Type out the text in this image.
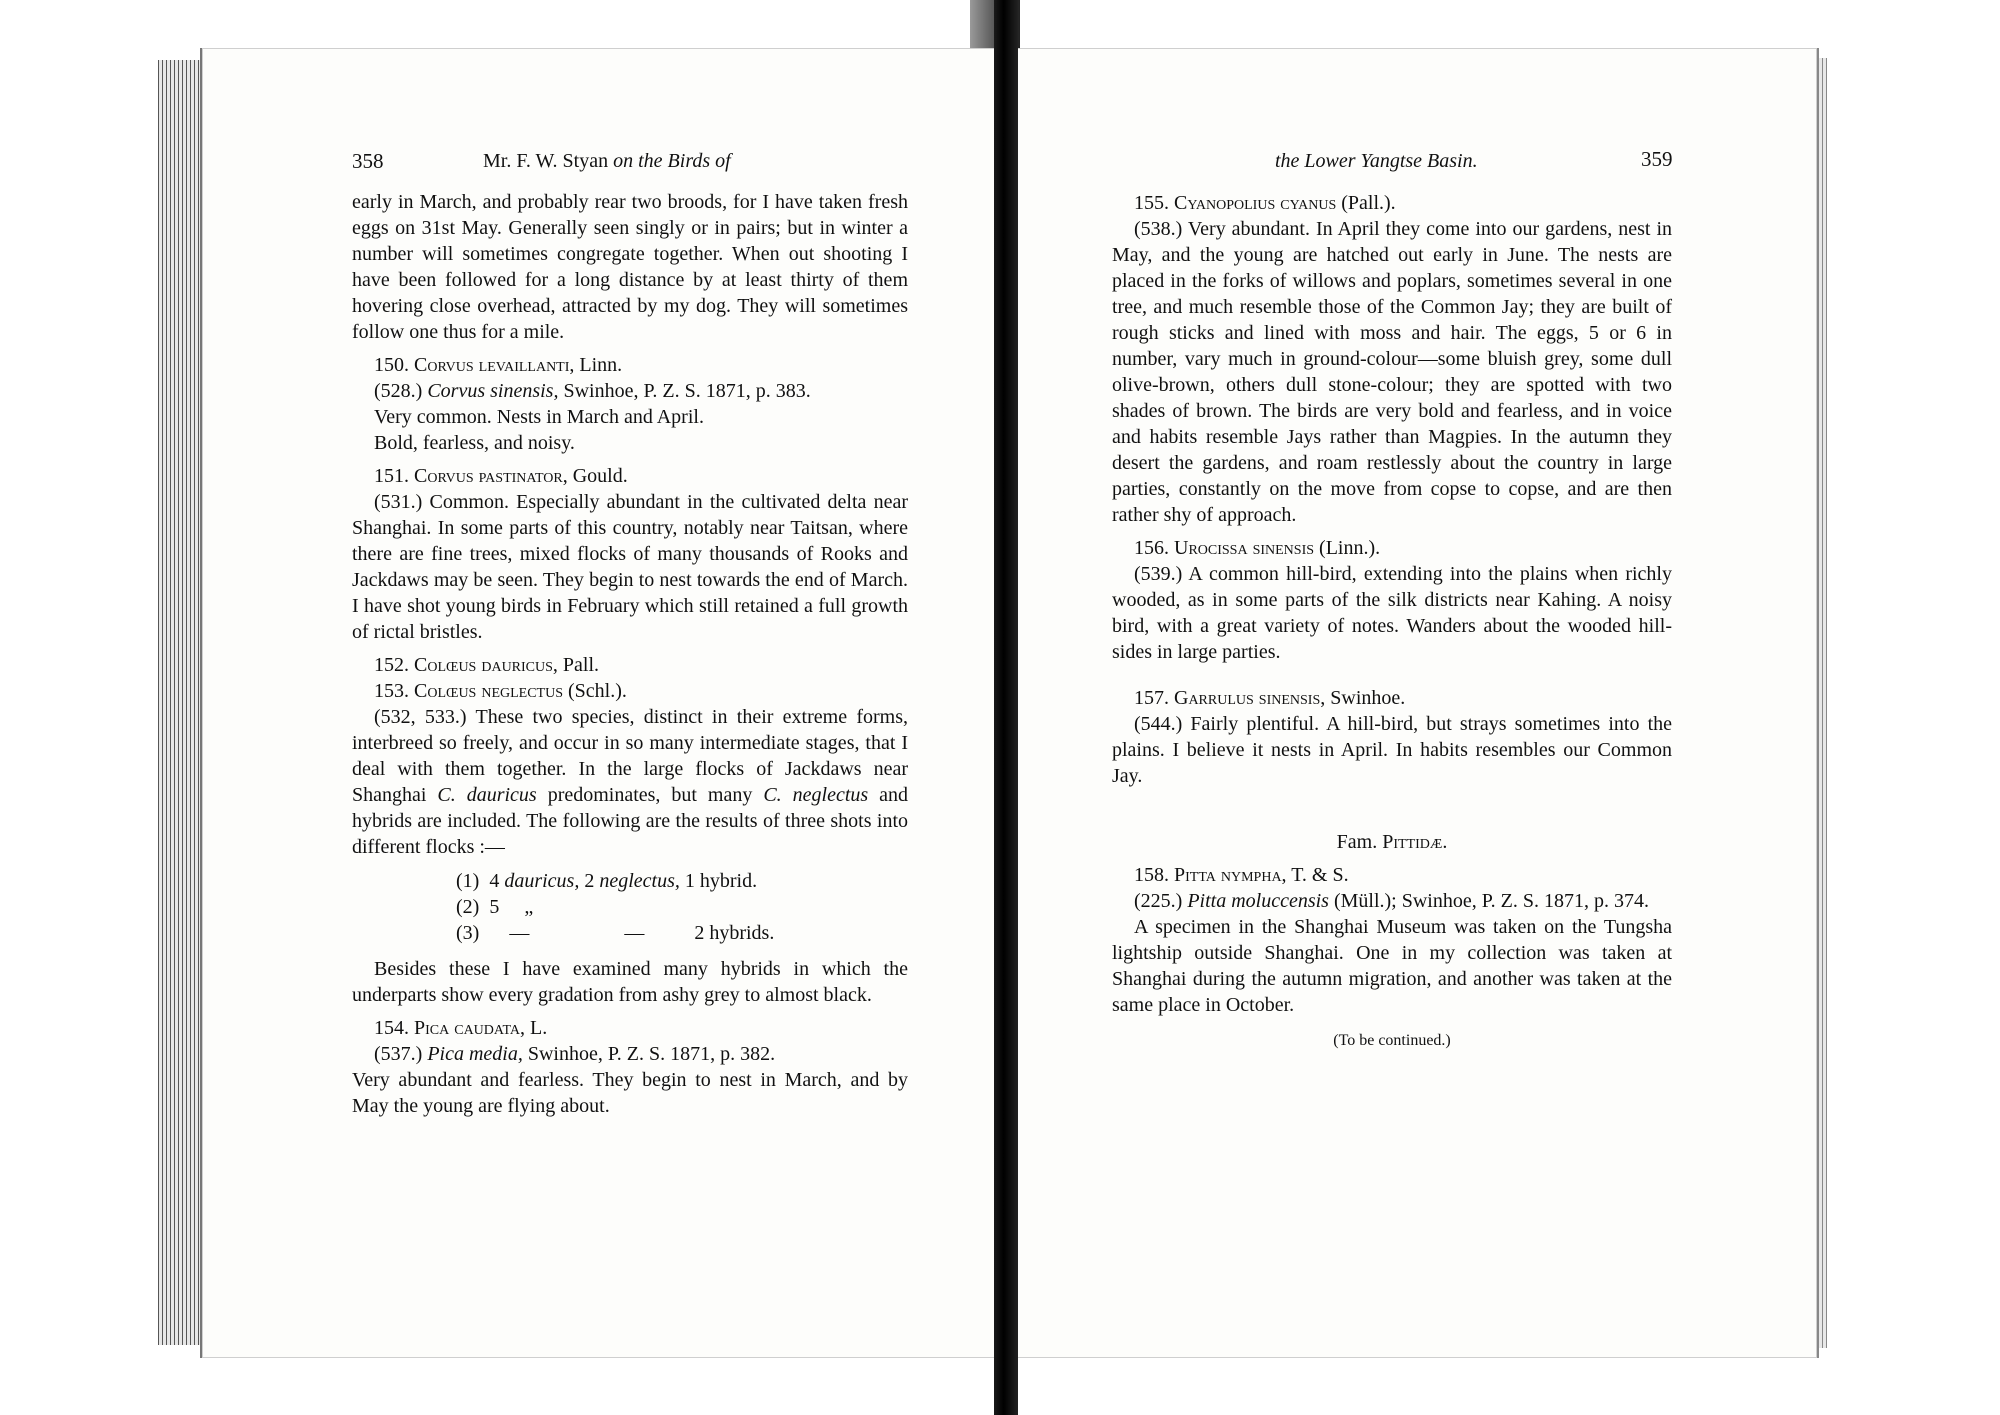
358	Mr. F. W. Styan on the Birds of

early in March, and probably rear two broods, for I have taken fresh eggs on 31st May. Generally seen singly or in pairs; but in winter a number will sometimes congregate together. When out shooting I have been followed for a long distance by at least thirty of them hovering close overhead, attracted by my dog. They will sometimes follow one thus for a mile.

150. Corvus levaillanti, Linn.

(528.) Corvus sinensis, Swinhoe, P. Z. S. 1871, p. 383.

Very common. Nests in March and April.

Bold, fearless, and noisy.

151. Corvus pastinator, Gould.

(531.) Common. Especially abundant in the cultivated delta near Shanghai. In some parts of this country, notably near Taitsan, where there are fine trees, mixed flocks of many thousands of Rooks and Jackdaws may be seen. They begin to nest towards the end of March. I have shot young birds in February which still retained a full growth of rictal bristles.

152. Colœus dauricus, Pall.

153. Colœus neglectus (Schl.).

(532, 533.) These two species, distinct in their extreme forms, interbreed so freely, and occur in so many intermediate stages, that I deal with them together. In the large flocks of Jackdaws near Shanghai C. dauricus predominates, but many C. neglectus and hybrids are included. The following are the results of three shots into different flocks :—

(1) 4 dauricus, 2 neglectus, 1 hybrid.
(2) 5 „
(3) —	—	2 hybrids.

Besides these I have examined many hybrids in which the underparts show every gradation from ashy grey to almost black.

154. Pica caudata, L.

(537.) Pica media, Swinhoe, P. Z. S. 1871, p. 382.

Very abundant and fearless. They begin to nest in March, and by May the young are flying about.

the Lower Yangtse Basin.	359

155. Cyanopolius cyanus (Pall.).

(538.) Very abundant. In April they come into our gardens, nest in May, and the young are hatched out early in June. The nests are placed in the forks of willows and poplars, sometimes several in one tree, and much resemble those of the Common Jay; they are built of rough sticks and lined with moss and hair. The eggs, 5 or 6 in number, vary much in ground-colour—some bluish grey, some dull olive-brown, others dull stone-colour; they are spotted with two shades of brown. The birds are very bold and fearless, and in voice and habits resemble Jays rather than Magpies. In the autumn they desert the gardens, and roam restlessly about the country in large parties, constantly on the move from copse to copse, and are then rather shy of approach.

156. Urocissa sinensis (Linn.).

(539.) A common hill-bird, extending into the plains when richly wooded, as in some parts of the silk districts near Kahing. A noisy bird, with a great variety of notes. Wanders about the wooded hill-sides in large parties.

157. Garrulus sinensis, Swinhoe.

(544.) Fairly plentiful. A hill-bird, but strays sometimes into the plains. I believe it nests in April. In habits resembles our Common Jay.

Fam. Pittidæ.

158. Pitta nympha, T. & S.

(225.) Pitta moluccensis (Müll.); Swinhoe, P. Z. S. 1871, p. 374.

A specimen in the Shanghai Museum was taken on the Tungsha lightship outside Shanghai. One in my collection was taken at Shanghai during the autumn migration, and another was taken at the same place in October.

(To be continued.)
